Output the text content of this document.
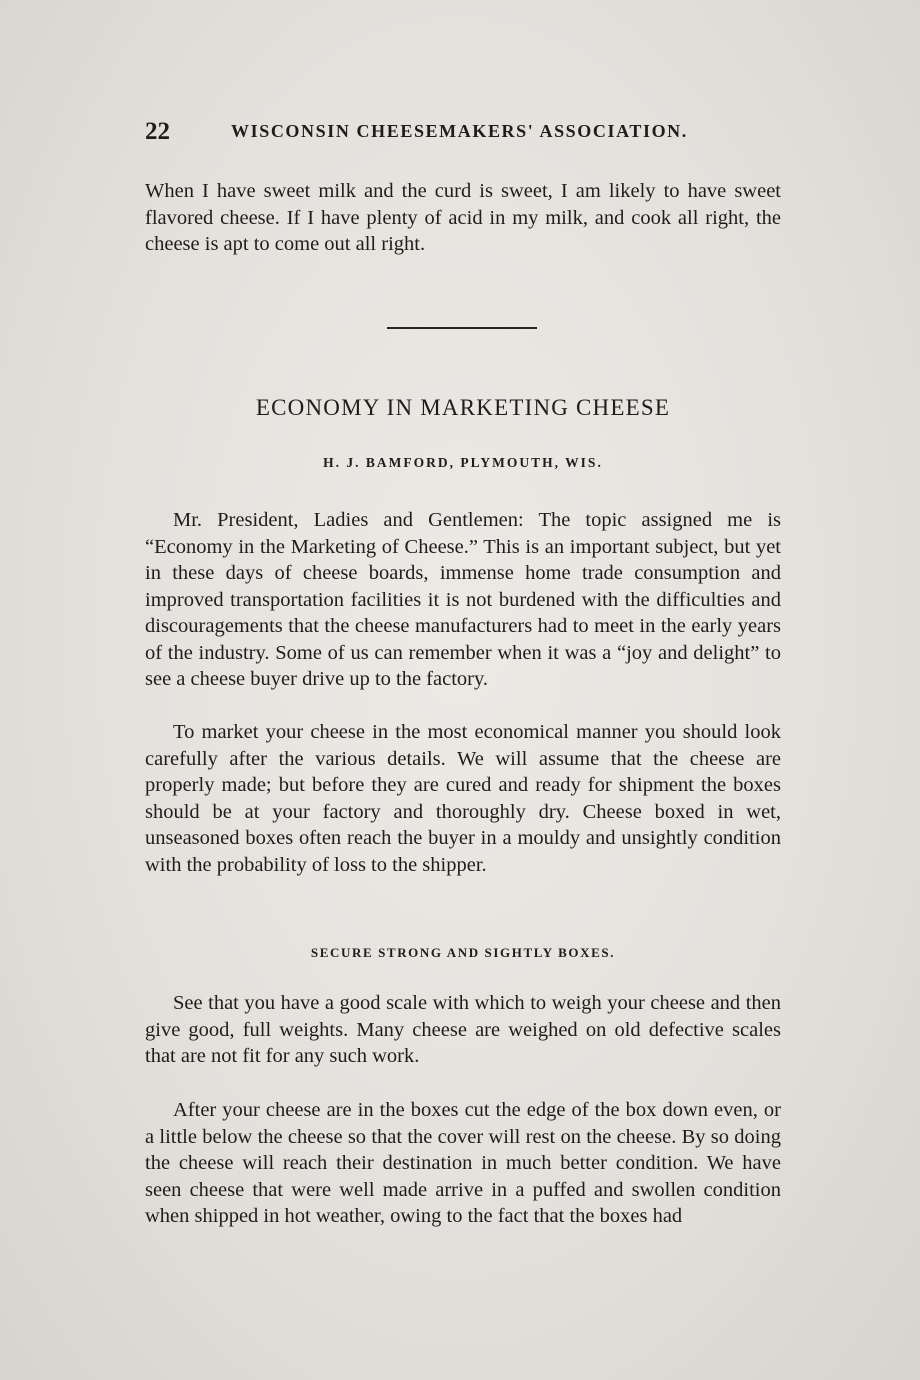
22	WISCONSIN CHEESEMAKERS' ASSOCIATION.

When I have sweet milk and the curd is sweet, I am likely to have sweet flavored cheese. If I have plenty of acid in my milk, and cook all right, the cheese is apt to come out all right.

ECONOMY IN MARKETING CHEESE
H. J. BAMFORD, PLYMOUTH, WIS.

Mr. President, Ladies and Gentlemen: The topic assigned me is “Economy in the Marketing of Cheese.” This is an important subject, but yet in these days of cheese boards, immense home trade consumption and improved transportation facilities it is not burdened with the difficulties and discouragements that the cheese manufacturers had to meet in the early years of the industry. Some of us can remember when it was a “joy and delight” to see a cheese buyer drive up to the factory.

To market your cheese in the most economical manner you should look carefully after the various details. We will assume that the cheese are properly made; but before they are cured and ready for shipment the boxes should be at your factory and thoroughly dry. Cheese boxed in wet, unseasoned boxes often reach the buyer in a mouldy and unsightly condition with the probability of loss to the shipper.

SECURE STRONG AND SIGHTLY BOXES.

See that you have a good scale with which to weigh your cheese and then give good, full weights. Many cheese are weighed on old defective scales that are not fit for any such work.

After your cheese are in the boxes cut the edge of the box down even, or a little below the cheese so that the cover will rest on the cheese. By so doing the cheese will reach their destination in much better condition. We have seen cheese that were well made arrive in a puffed and swollen condition when shipped in hot weather, owing to the fact that the boxes had
